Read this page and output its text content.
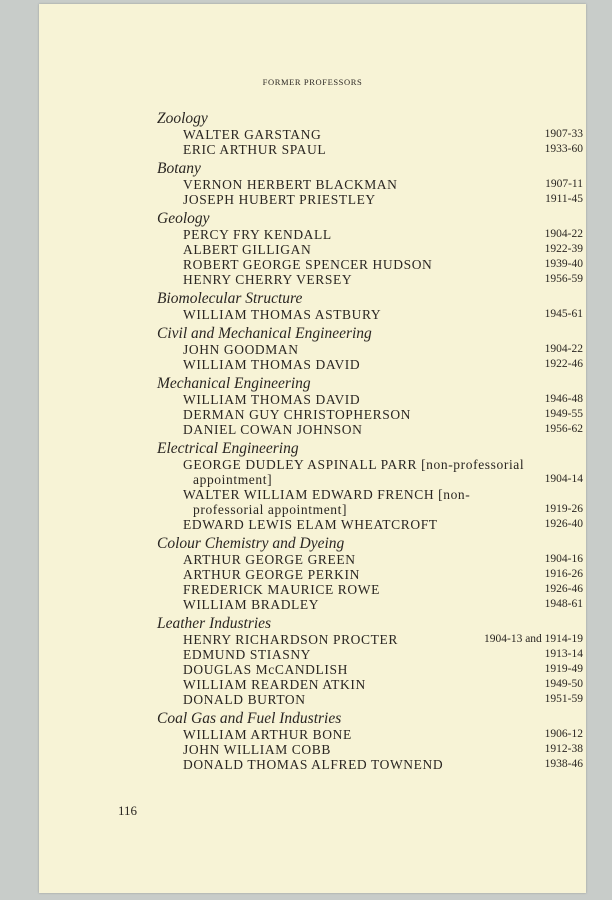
FORMER PROFESSORS
Zoology
WALTER GARSTANG	1907-33
ERIC ARTHUR SPAUL	1933-60
Botany
VERNON HERBERT BLACKMAN	1907-11
JOSEPH HUBERT PRIESTLEY	1911-45
Geology
PERCY FRY KENDALL	1904-22
ALBERT GILLIGAN	1922-39
ROBERT GEORGE SPENCER HUDSON	1939-40
HENRY CHERRY VERSEY	1956-59
Biomolecular Structure
WILLIAM THOMAS ASTBURY	1945-61
Civil and Mechanical Engineering
JOHN GOODMAN	1904-22
WILLIAM THOMAS DAVID	1922-46
Mechanical Engineering
WILLIAM THOMAS DAVID	1946-48
DERMAN GUY CHRISTOPHERSON	1949-55
DANIEL COWAN JOHNSON	1956-62
Electrical Engineering
GEORGE DUDLEY ASPINALL PARR [non-professorial
appointment]	1904-14
WALTER WILLIAM EDWARD FRENCH [non-
professorial appointment]	1919-26
EDWARD LEWIS ELAM WHEATCROFT	1926-40
Colour Chemistry and Dyeing
ARTHUR GEORGE GREEN	1904-16
ARTHUR GEORGE PERKIN	1916-26
FREDERICK MAURICE ROWE	1926-46
WILLIAM BRADLEY	1948-61
Leather Industries
HENRY RICHARDSON PROCTER	1904-13 and 1914-19
EDMUND STIASNY	1913-14
DOUGLAS McCANDLISH	1919-49
WILLIAM REARDEN ATKIN	1949-50
DONALD BURTON	1951-59
Coal Gas and Fuel Industries
WILLIAM ARTHUR BONE	1906-12
JOHN WILLIAM COBB	1912-38
DONALD THOMAS ALFRED TOWNEND	1938-46
116
